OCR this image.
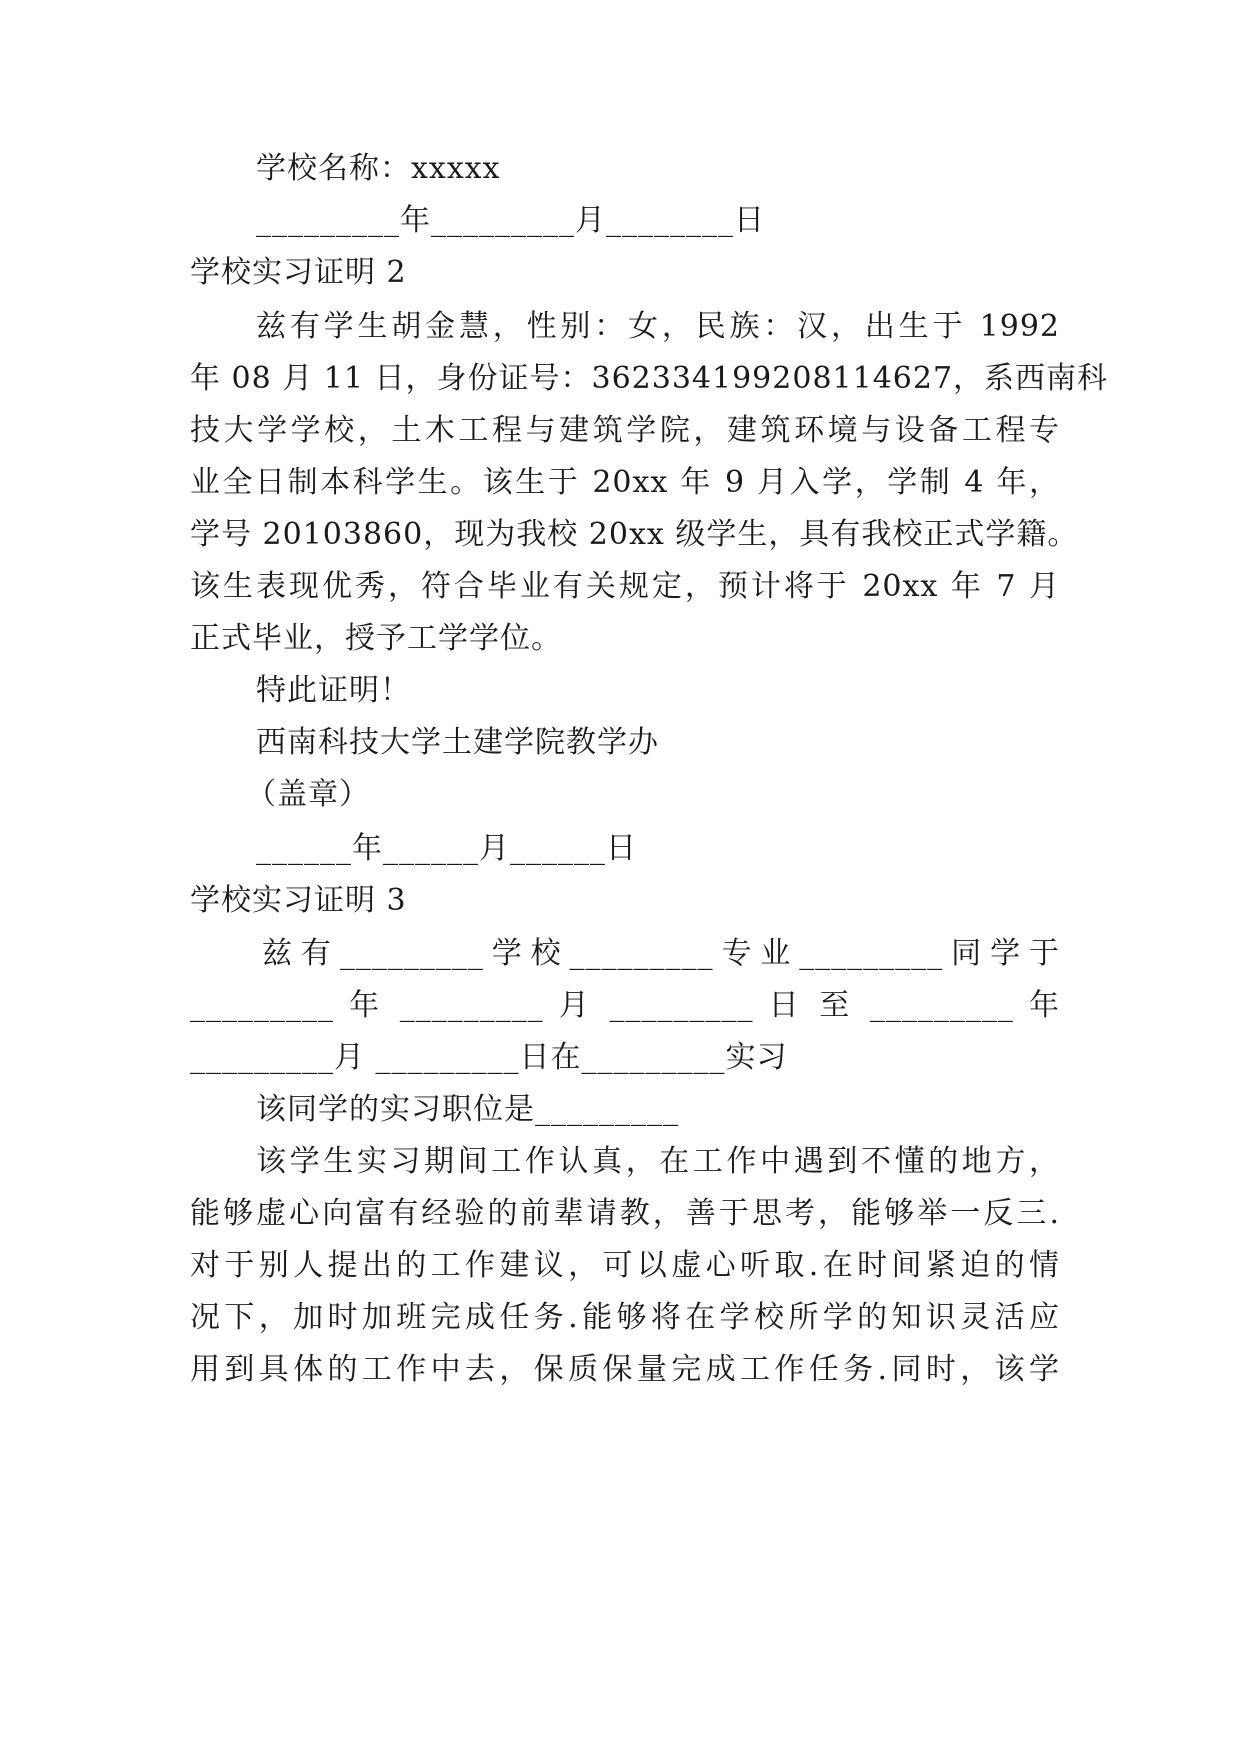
学校名称：xxxxx
_________年_________月________日
学校实习证明 2
兹有学生胡金慧，性别：女，民族：汉，出生于 1992
年 08 月 11 日，身份证号：362334199208114627，系西南科
技大学学校，土木工程与建筑学院，建筑环境与设备工程专
业全日制本科学生。该生于 20xx 年 9 月入学，学制 4 年，
学号 20103860，现为我校 20xx 级学生，具有我校正式学籍。
该生表现优秀，符合毕业有关规定，预计将于 20xx 年 7 月
正式毕业，授予工学学位。
特此证明！
西南科技大学土建学院教学办
（盖章）
______年______月______日
学校实习证明 3
兹有_________学校_________专业_________同学于
_________ 年 _________ 月 _________ 日 至 _________ 年
_________月 _________日在_________实习
该同学的实习职位是_________
该学生实习期间工作认真，在工作中遇到不懂的地方，
能够虚心向富有经验的前辈请教，善于思考，能够举一反三.
对于别人提出的工作建议，可以虚心听取.在时间紧迫的情
况下，加时加班完成任务.能够将在学校所学的知识灵活应
用到具体的工作中去，保质保量完成工作任务.同时，该学
